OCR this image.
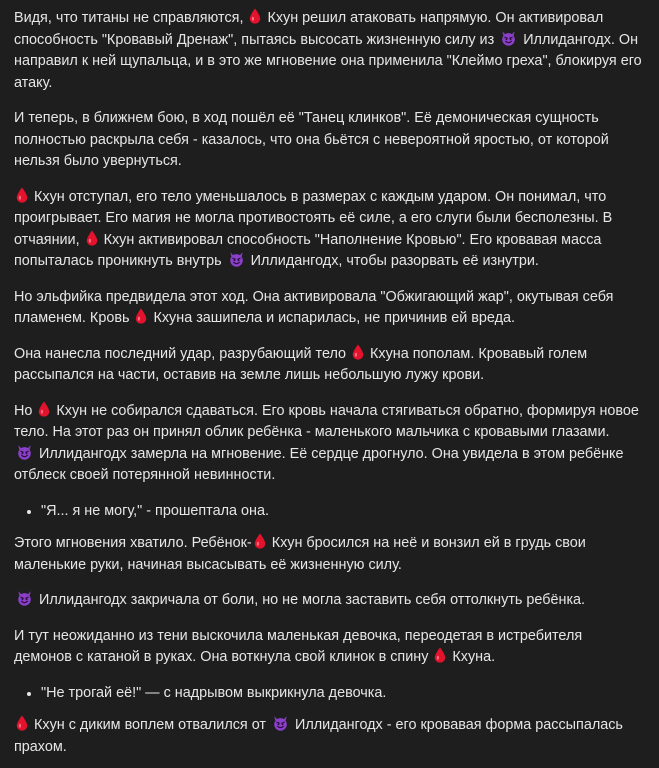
Видя, что титаны не справляются,
Кхун решил атаковать напрямую. Он активировал способность "Кровавый Дренаж", пытаясь высосать жизненную силу из
Иллидангодх. Он направил к ней щупальца, и в это же мгновение она применила "Клеймо греха", блокируя его атаку.

И теперь, в ближнем бою, в ход пошёл её "Танец клинков". Её демоническая сущность полностью раскрыла себя - казалось, что она бьётся с невероятной яростью, от которой нельзя было увернуться.

Кхун отступал, его тело уменьшалось в размерах с каждым ударом. Он понимал, что проигрывает. Его магия не могла противостоять её силе, а его слуги были бесполезны. В отчаянии,
Кхун активировал способность "Наполнение Кровью". Его кровавая масса попыталась проникнуть внутрь
Иллидангодх, чтобы разорвать её изнутри.

Но эльфийка предвидела этот ход. Она активировала "Обжигающий жар", окутывая себя пламенем. Кровь
Кхуна зашипела и испарилась, не причинив ей вреда.

Она нанесла последний удар, разрубающий тело
Кхуна пополам. Кровавый голем рассыпался на части, оставив на земле лишь небольшую лужу крови.

Но
Кхун не собирался сдаваться. Его кровь начала стягиваться обратно, формируя новое тело. На этот раз он принял облик ребёнка - маленького мальчика с кровавыми глазами.

Иллидангодх замерла на мгновение. Её сердце дрогнуло. Она увидела в этом ребёнке отблеск своей потерянной невинности.

"Я... я не могу," - прошептала она.

Этого мгновения хватило. Ребёнок-
Кхун бросился на неё и вонзил ей в грудь свои маленькие руки, начиная высасывать её жизненную силу.

Иллидангодх закричала от боли, но не могла заставить себя оттолкнуть ребёнка.

И тут неожиданно из тени выскочила маленькая девочка, переодетая в истребителя демонов с катаной в руках. Она воткнула свой клинок в спину
Кхуна.

"Не трогай её!" — с надрывом выкрикнула девочка.

Кхун с диким воплем отвалился от
Иллидангодх - его кровавая форма рассыпалась прахом.
